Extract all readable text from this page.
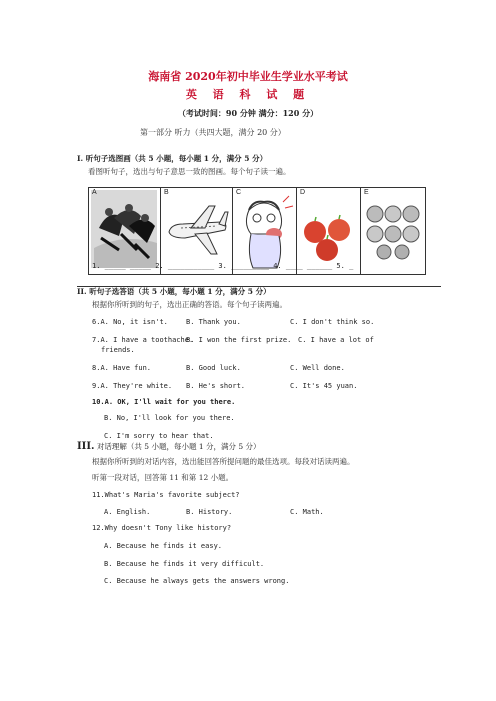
海南省 2020年初中毕业生学业水平考试
英 语 科 试 题
（考试时间：90 分钟 满分：120 分）
第一部分 听力（共四大题，满分 20 分）
I. 听句子选图画（共 5 小题，每小题 1 分，满分 5 分）
看图听句子，选出与句子意思一致的图画。每个句子读一遍。
A	B	C	D	E
1. _____ _____ 2. ___________ 3. _________ 4. ____ ______ 5. _
II. 听句子选答语（共 5 小题，每小题 1 分，满分 5 分）
根据你所听到的句子，选出正确的答语。每个句子读两遍。
6.A. No, it isn't.	B. Thank you.	C. I don't think so.
7.A. I have a toothache.
B. I won the first prize. C. I have a lot of
friends.
8.A. Have fun.	B. Good luck.	C. Well done.
9.A. They're white. B. He's short.	C. It's 45 yuan.
10.A. OK, I'll wait for you there.
B. No, I'll look for you there.
C. I'm sorry to hear that.
III. 对话理解（共 5 小题，每小题 1 分，满分 5 分）
根据你所听到的对话内容，选出能回答所提问题的最佳选项。每段对话读两遍。
听第一段对话，回答第 11 和第 12 小题。
11.What's Maria's favorite subject?
A. English.	B. History.	C. Math.
12.Why doesn't Tony like history?
A. Because he finds it easy.
B. Because he finds it very difficult.
C. Because he always gets the answers wrong.
